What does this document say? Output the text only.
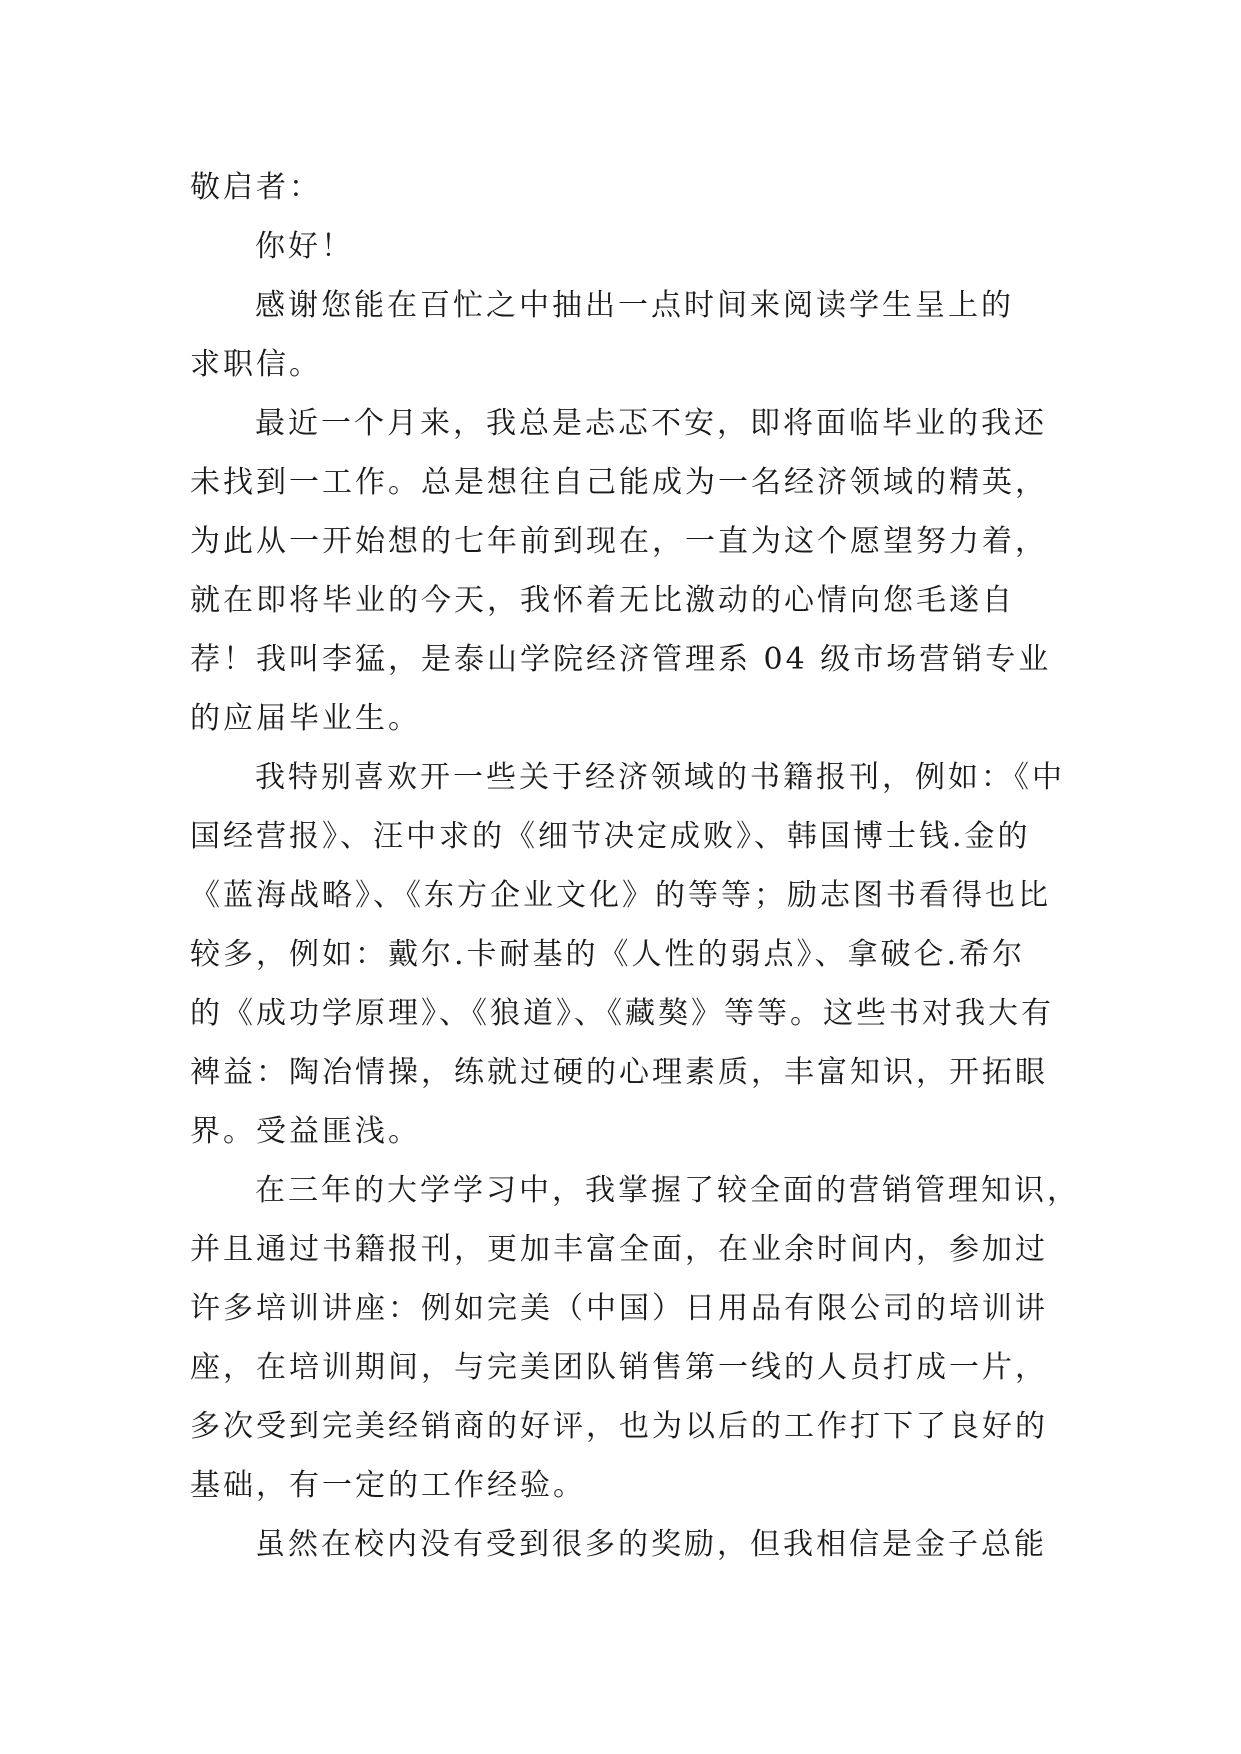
敬启者：
你好！
感谢您能在百忙之中抽出一点时间来阅读学生呈上的
求职信。
最近一个月来，我总是忐忑不安，即将面临毕业的我还
未找到一工作。总是想往自己能成为一名经济领域的精英，
为此从一开始想的七年前到现在，一直为这个愿望努力着，
就在即将毕业的今天，我怀着无比激动的心情向您毛遂自
荐！我叫李猛，是泰山学院经济管理系 04 级市场营销专业
的应届毕业生。
我特别喜欢开一些关于经济领域的书籍报刊，例如：《中
国经营报》、汪中求的《细节决定成败》、韩国博士钱.金的
《蓝海战略》、《东方企业文化》的等等；励志图书看得也比
较多，例如：戴尔.卡耐基的《人性的弱点》、拿破仑.希尔
的《成功学原理》、《狼道》、《藏獒》等等。这些书对我大有
裨益：陶冶情操，练就过硬的心理素质，丰富知识，开拓眼
界。受益匪浅。
在三年的大学学习中，我掌握了较全面的营销管理知识，
并且通过书籍报刊，更加丰富全面，在业余时间内，参加过
许多培训讲座：例如完美（中国）日用品有限公司的培训讲
座，在培训期间，与完美团队销售第一线的人员打成一片，
多次受到完美经销商的好评，也为以后的工作打下了良好的
基础，有一定的工作经验。
虽然在校内没有受到很多的奖励，但我相信是金子总能
